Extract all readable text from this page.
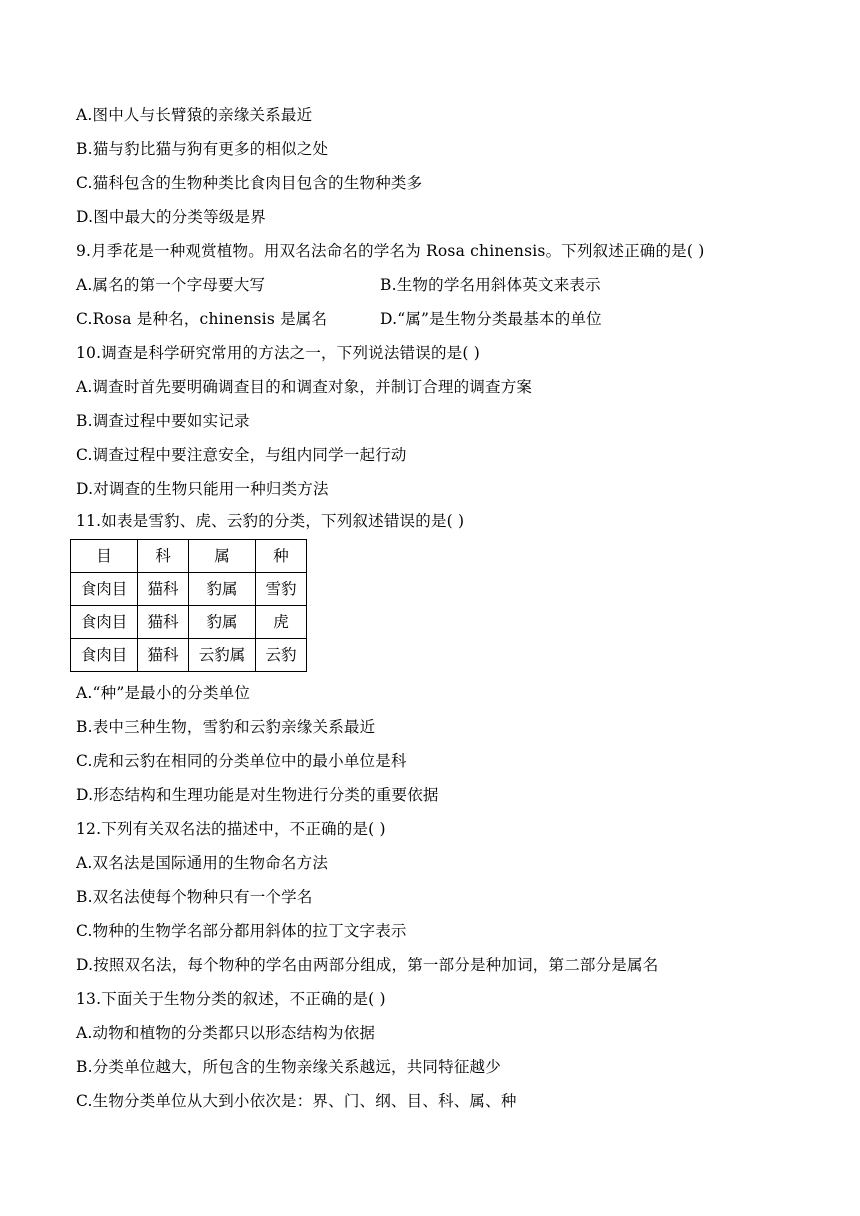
A.图中人与长臂猿的亲缘关系最近
B.猫与豹比猫与狗有更多的相似之处
C.猫科包含的生物种类比食肉目包含的生物种类多
D.图中最大的分类等级是界
9.月季花是一种观赏植物。用双名法命名的学名为 Rosa chinensis。下列叙述正确的是( )
A.属名的第一个字母要大写	B.生物的学名用斜体英文来表示
C.Rosa 是种名，chinensis 是属名	D.“属”是生物分类最基本的单位
10.调查是科学研究常用的方法之一，下列说法错误的是( )
A.调查时首先要明确调查目的和调查对象，并制订合理的调查方案
B.调查过程中要如实记录
C.调查过程中要注意安全，与组内同学一起行动
D.对调查的生物只能用一种归类方法
11.如表是雪豹、虎、云豹的分类，下列叙述错误的是( )
目	科	属	种
食肉目	猫科	豹属	雪豹
食肉目	猫科	豹属	虎
食肉目	猫科	云豹属	云豹
A.“种”是最小的分类单位
B.表中三种生物，雪豹和云豹亲缘关系最近
C.虎和云豹在相同的分类单位中的最小单位是科
D.形态结构和生理功能是对生物进行分类的重要依据
12.下列有关双名法的描述中，不正确的是( )
A.双名法是国际通用的生物命名方法
B.双名法使每个物种只有一个学名
C.物种的生物学名部分都用斜体的拉丁文字表示
D.按照双名法，每个物种的学名由两部分组成，第一部分是种加词，第二部分是属名
13.下面关于生物分类的叙述，不正确的是( )
A.动物和植物的分类都只以形态结构为依据
B.分类单位越大，所包含的生物亲缘关系越远，共同特征越少
C.生物分类单位从大到小依次是：界、门、纲、目、科、属、种
